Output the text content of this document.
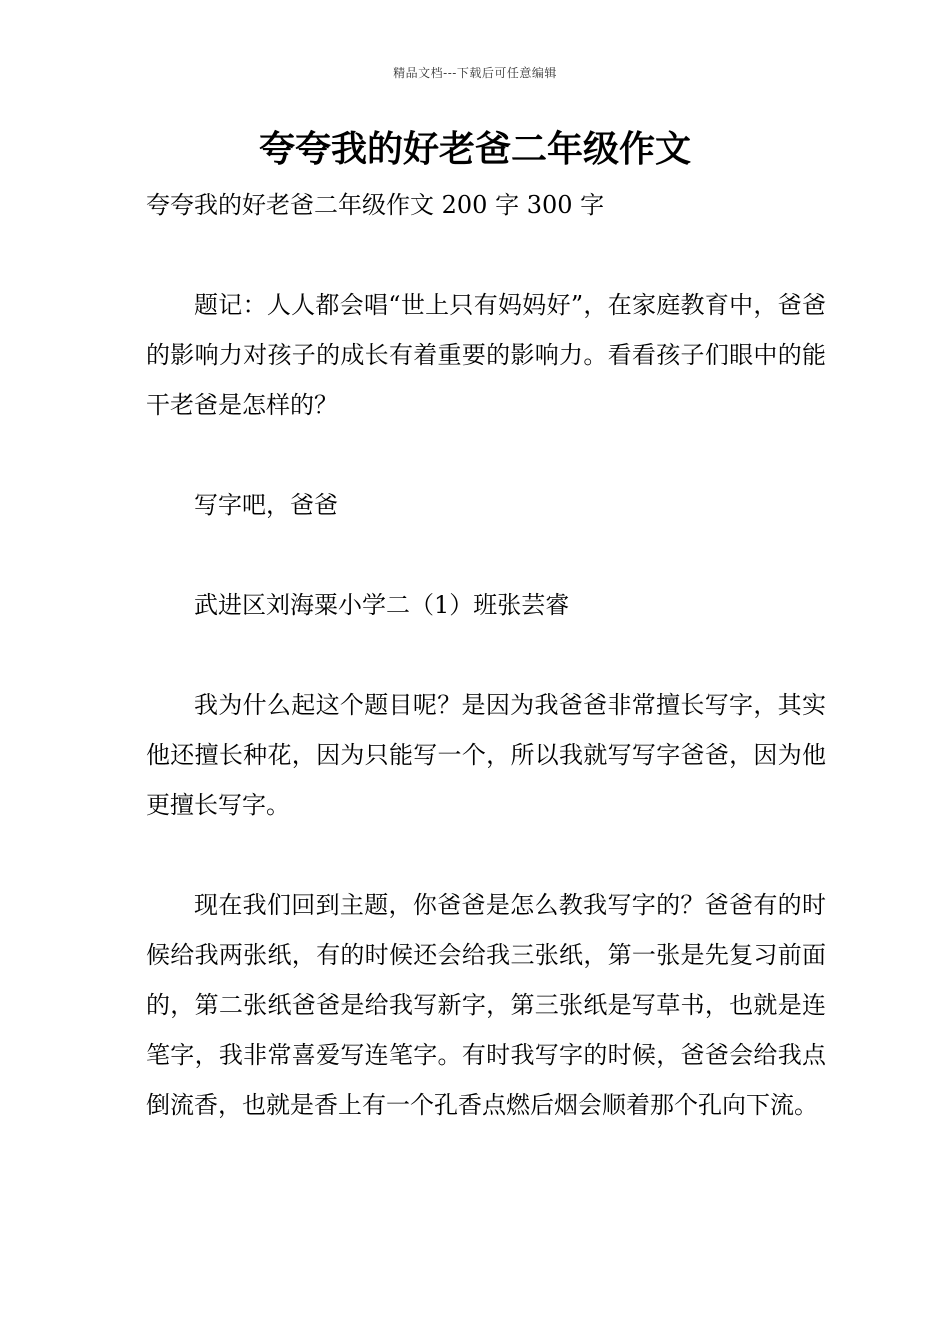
精品文档---下载后可任意编辑
夸夸我的好老爸二年级作文

夸夸我的好老爸二年级作文 200 字 300 字

题记：人人都会唱“世上只有妈妈好”，在家庭教育中，爸爸的影响力对孩子的成长有着重要的影响力。看看孩子们眼中的能干老爸是怎样的？

写字吧，爸爸

武进区刘海粟小学二（1）班张芸睿

我为什么起这个题目呢？是因为我爸爸非常擅长写字，其实他还擅长种花，因为只能写一个，所以我就写写字爸爸，因为他更擅长写字。

现在我们回到主题，你爸爸是怎么教我写字的？爸爸有的时候给我两张纸，有的时候还会给我三张纸，第一张是先复习前面的，第二张纸爸爸是给我写新字，第三张纸是写草书，也就是连笔字，我非常喜爱写连笔字。有时我写字的时候，爸爸会给我点倒流香，也就是香上有一个孔香点燃后烟会顺着那个孔向下流。
